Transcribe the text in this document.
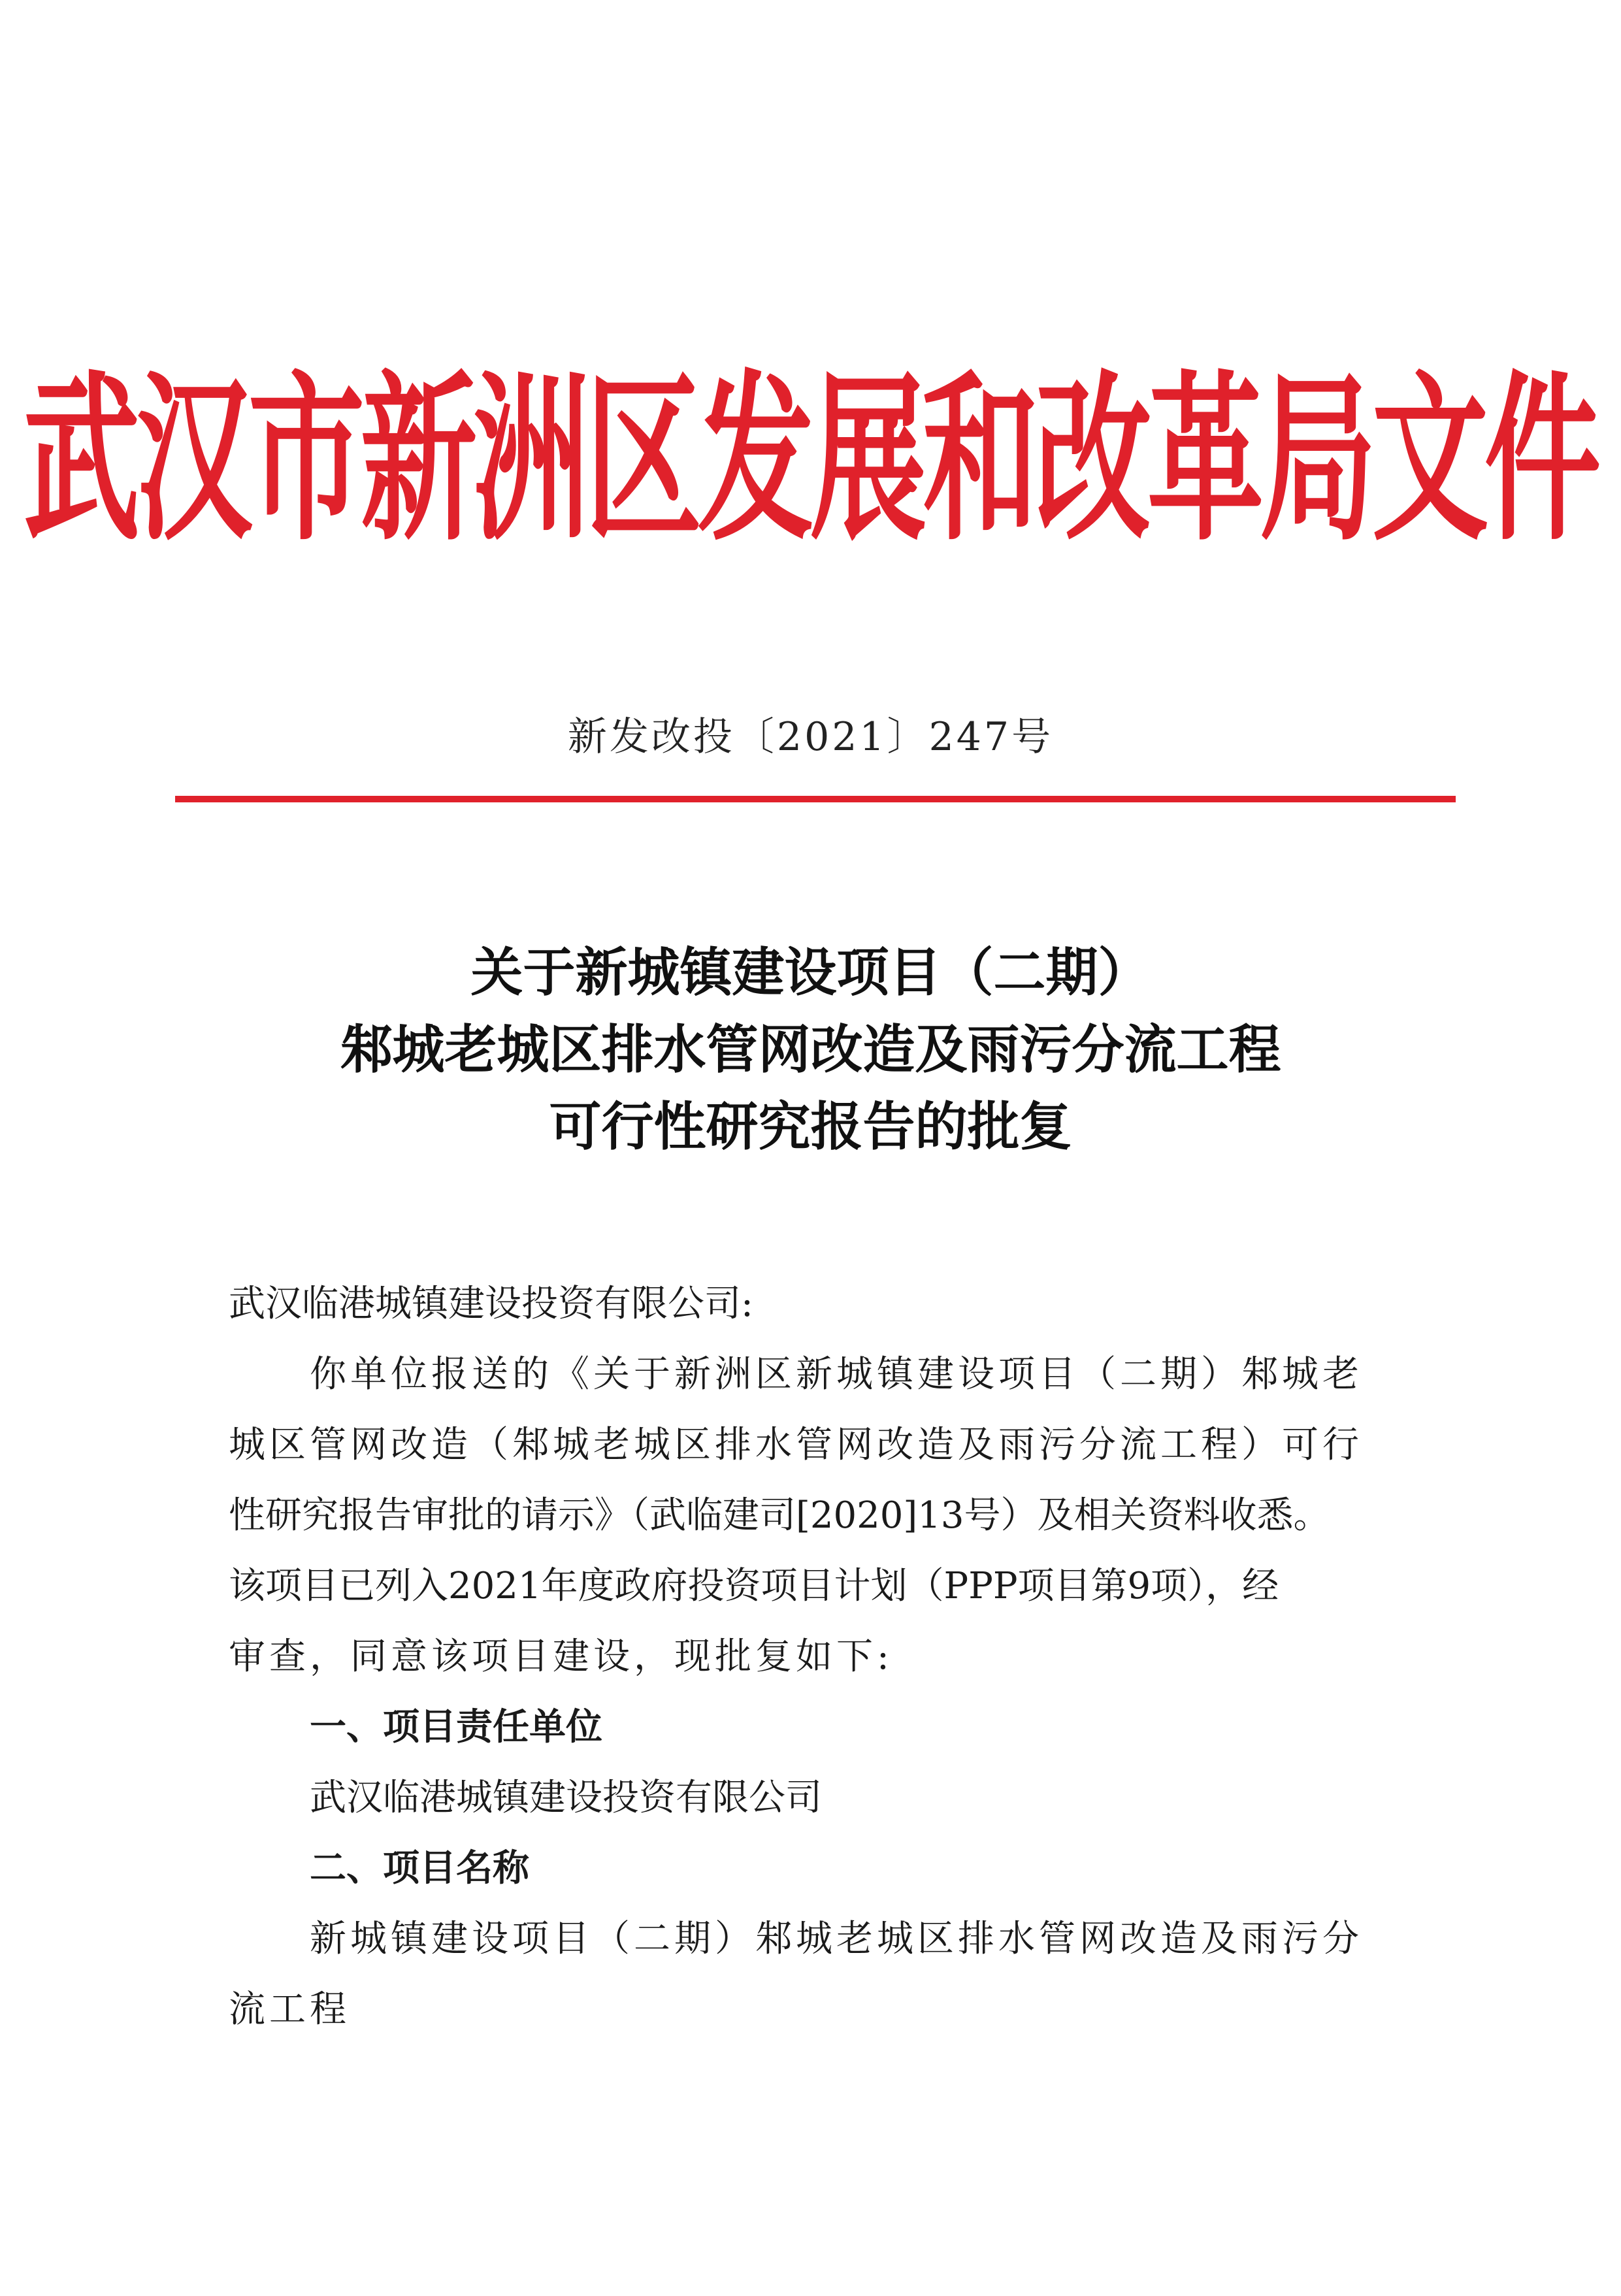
武汉市新洲区发展和改革局文件
新发改投〔2021〕247号
关于新城镇建设项目（二期）
邾城老城区排水管网改造及雨污分流工程
可行性研究报告的批复

武汉临港城镇建设投资有限公司:

你单位报送的《关于新洲区新城镇建设项目（二期）邾城老

城区管网改造（邾城老城区排水管网改造及雨污分流工程）可行

性研究报告审批的请示》（武临建司[2020]13号）及相关资料收悉。

该项目已列入2021年度政府投资项目计划（PPP项目第9项），经

审查，同意该项目建设，现批复如下:

一、项目责任单位

武汉临港城镇建设投资有限公司

二、项目名称

新城镇建设项目（二期）邾城老城区排水管网改造及雨污分

流工程
